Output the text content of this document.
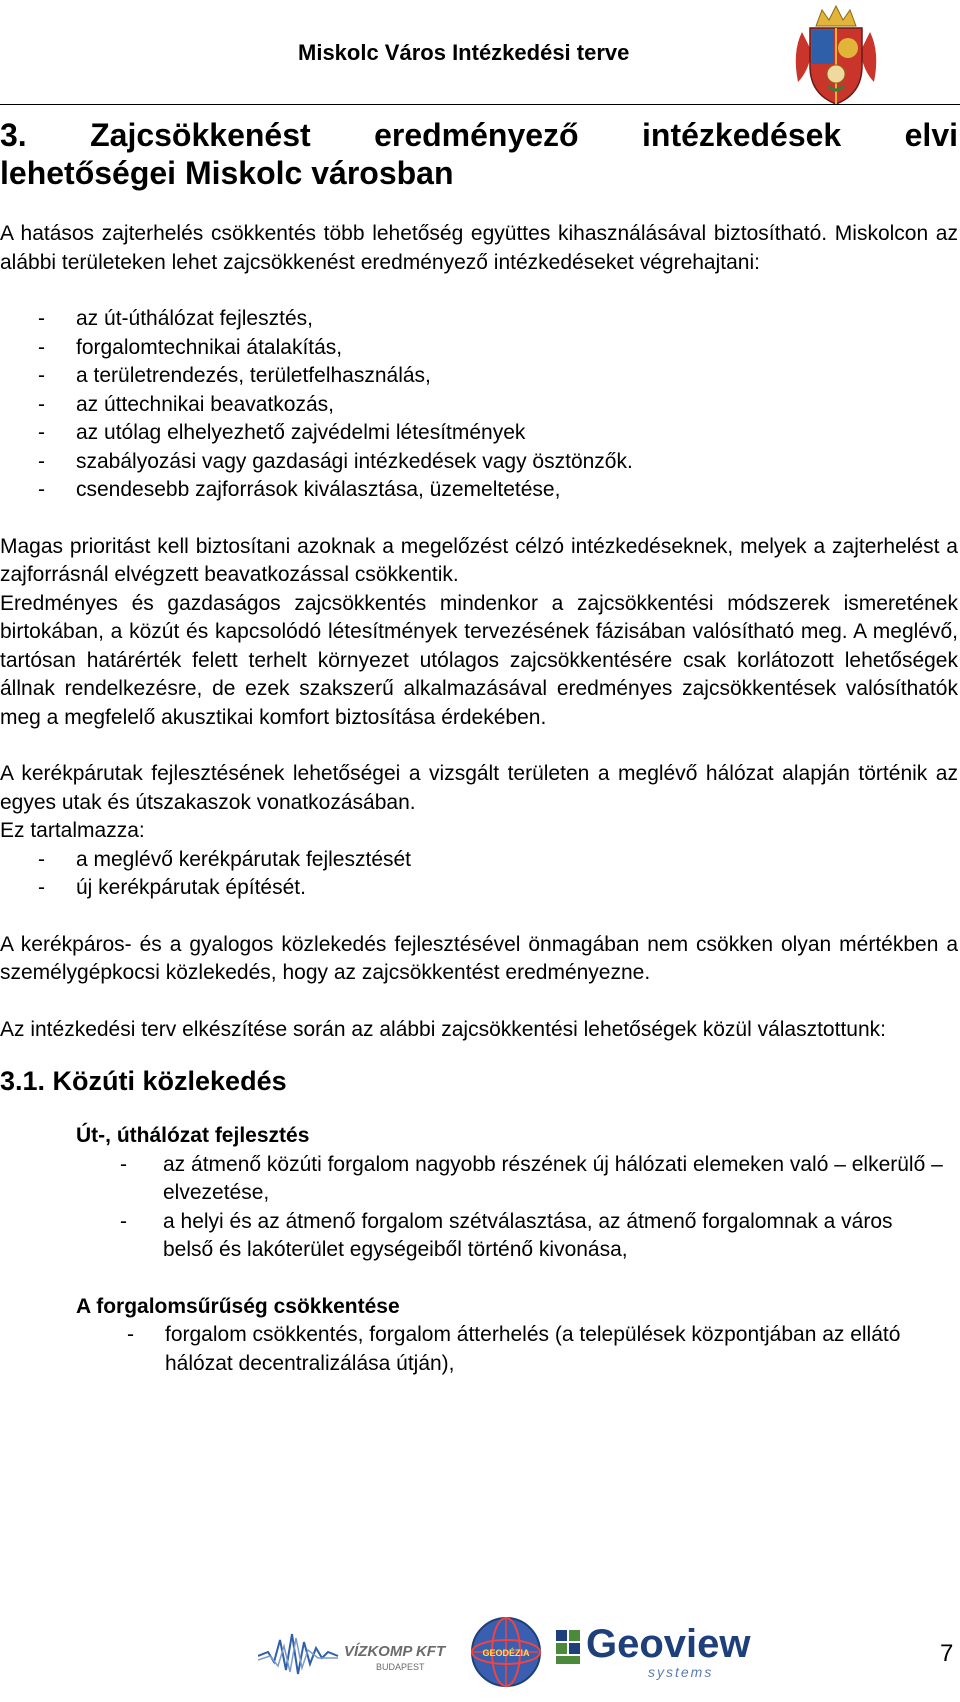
Miskolc Város Intézkedési terve
3. Zajcsökkenést eredményező intézkedések elvi
lehetőségei Miskolc városban

A hatásos zajterhelés csökkentés több lehetőség együttes kihasználásával biztosítható. Miskolcon az alábbi területeken lehet zajcsökkenést eredményező intézkedéseket végrehajtani:

- az út-úthálózat fejlesztés,
- forgalomtechnikai átalakítás,
- a területrendezés, területfelhasználás,
- az úttechnikai beavatkozás,
- az utólag elhelyezhető zajvédelmi létesítmények
- szabályozási vagy gazdasági intézkedések vagy ösztönzők.
- csendesebb zajforrások kiválasztása, üzemeltetése,

Magas prioritást kell biztosítani azoknak a megelőzést célzó intézkedéseknek, melyek a zajterhelést a zajforrásnál elvégzett beavatkozással csökkentik.

Eredményes és gazdaságos zajcsökkentés mindenkor a zajcsökkentési módszerek ismeretének birtokában, a közút és kapcsolódó létesítmények tervezésének fázisában valósítható meg. A meglévő, tartósan határérték felett terhelt környezet utólagos zajcsökkentésére csak korlátozott lehetőségek állnak rendelkezésre, de ezek szakszerű alkalmazásával eredményes zajcsökkentések valósíthatók meg a megfelelő akusztikai komfort biztosítása érdekében.

A kerékpárutak fejlesztésének lehetőségei a vizsgált területen a meglévő hálózat alapján történik az egyes utak és útszakaszok vonatkozásában.

Ez tartalmazza:

- a meglévő kerékpárutak fejlesztését
- új kerékpárutak építését.

A kerékpáros- és a gyalogos közlekedés fejlesztésével önmagában nem csökken olyan mértékben a személygépkocsi közlekedés, hogy az zajcsökkentést eredményezne.

Az intézkedési terv elkészítése során az alábbi zajcsökkentési lehetőségek közül választottunk:

3.1. Közúti közlekedés
Út-, úthálózat fejlesztés
- az átmenő közúti forgalom nagyobb részének új hálózati elemeken való – elkerülő – elvezetése,
- a helyi és az átmenő forgalom szétválasztása, az átmenő forgalomnak a város belső és lakóterület egységeiből történő kivonása,
A forgalomsűrűség csökkentése
- forgalom csökkentés, forgalom átterhelés (a települések központjában az ellátó hálózat decentralizálása útján),
VÍZKOMP KFT
BUDAPEST
GEODÉZIA Geoview
systems
7
